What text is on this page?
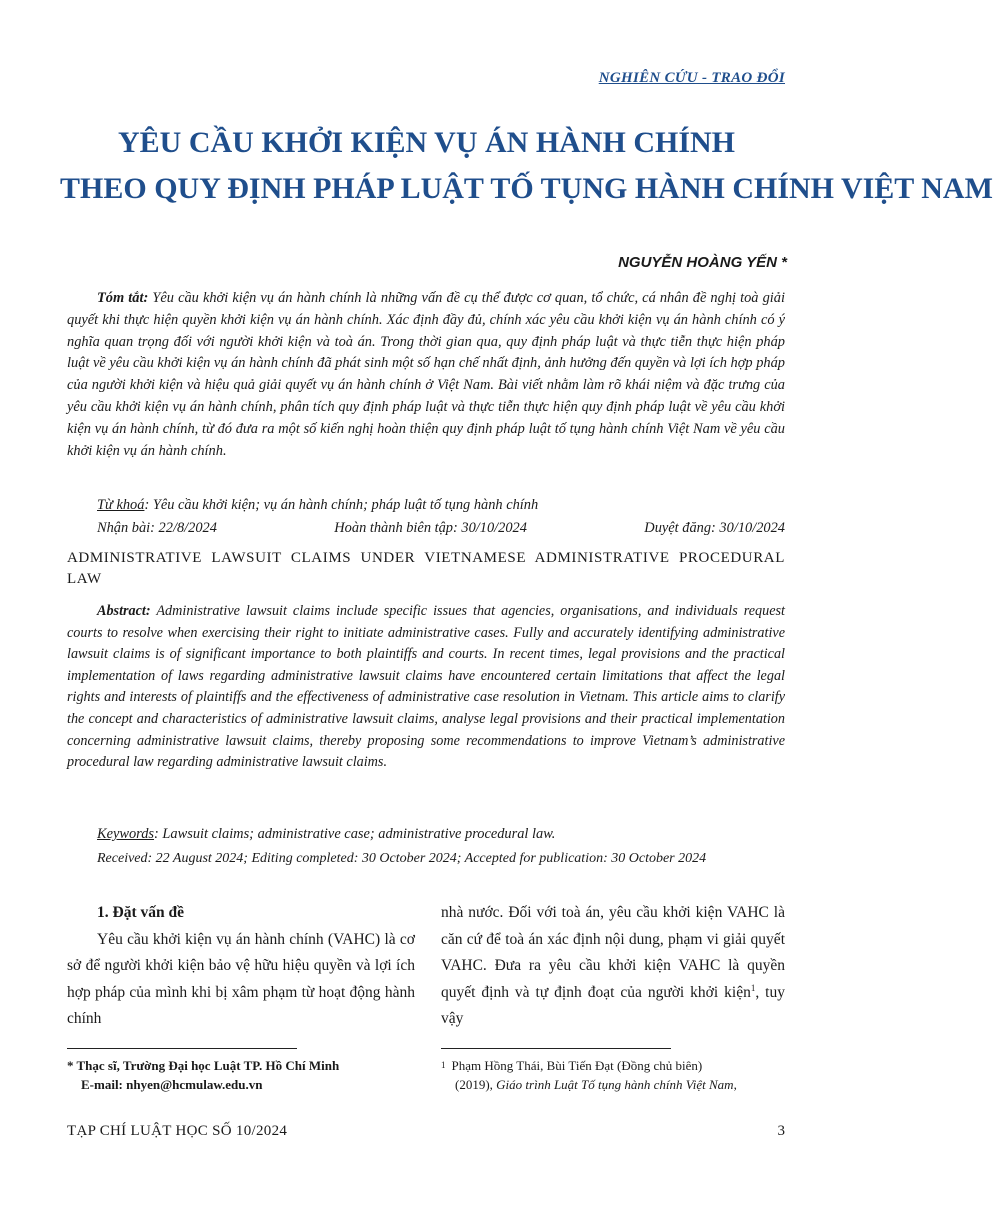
NGHIÊN CỨU - TRAO ĐỔI
YÊU CẦU KHỞI KIỆN VỤ ÁN HÀNH CHÍNH
THEO QUY ĐỊNH PHÁP LUẬT TỐ TỤNG HÀNH CHÍNH VIỆT NAM
NGUYỄN HOÀNG YẾN *
Tóm tắt: Yêu cầu khởi kiện vụ án hành chính là những vấn đề cụ thể được cơ quan, tổ chức, cá nhân đề nghị toà giải quyết khi thực hiện quyền khởi kiện vụ án hành chính. Xác định đầy đủ, chính xác yêu cầu khởi kiện vụ án hành chính có ý nghĩa quan trọng đối với người khởi kiện và toà án. Trong thời gian qua, quy định pháp luật và thực tiễn thực hiện pháp luật về yêu cầu khởi kiện vụ án hành chính đã phát sinh một số hạn chế nhất định, ảnh hưởng đến quyền và lợi ích hợp pháp của người khởi kiện và hiệu quả giải quyết vụ án hành chính ở Việt Nam. Bài viết nhằm làm rõ khái niệm và đặc trưng của yêu cầu khởi kiện vụ án hành chính, phân tích quy định pháp luật và thực tiễn thực hiện quy định pháp luật về yêu cầu khởi kiện vụ án hành chính, từ đó đưa ra một số kiến nghị hoàn thiện quy định pháp luật tố tụng hành chính Việt Nam về yêu cầu khởi kiện vụ án hành chính.
Từ khoá: Yêu cầu khởi kiện; vụ án hành chính; pháp luật tố tụng hành chính
Nhận bài: 22/8/2024	Hoàn thành biên tập: 30/10/2024	Duyệt đăng: 30/10/2024
ADMINISTRATIVE LAWSUIT CLAIMS UNDER VIETNAMESE ADMINISTRATIVE PROCEDURAL LAW
Abstract: Administrative lawsuit claims include specific issues that agencies, organisations, and individuals request courts to resolve when exercising their right to initiate administrative cases. Fully and accurately identifying administrative lawsuit claims is of significant importance to both plaintiffs and courts. In recent times, legal provisions and the practical implementation of laws regarding administrative lawsuit claims have encountered certain limitations that affect the legal rights and interests of plaintiffs and the effectiveness of administrative case resolution in Vietnam. This article aims to clarify the concept and characteristics of administrative lawsuit claims, analyse legal provisions and their practical implementation concerning administrative lawsuit claims, thereby proposing some recommendations to improve Vietnam’s administrative procedural law regarding administrative lawsuit claims.
Keywords: Lawsuit claims; administrative case; administrative procedural law.
Received: 22 August 2024; Editing completed: 30 October 2024; Accepted for publication: 30 October 2024
1. Đặt vấn đề

Yêu cầu khởi kiện vụ án hành chính (VAHC) là cơ sở để người khởi kiện bảo vệ hữu hiệu quyền và lợi ích hợp pháp của mình khi bị xâm phạm từ hoạt động hành chính

nhà nước. Đối với toà án, yêu cầu khởi kiện VAHC là căn cứ để toà án xác định nội dung, phạm vi giải quyết VAHC. Đưa ra yêu cầu khởi kiện VAHC là quyền quyết định và tự định đoạt của người khởi kiện$^1$, tuy vậy

* Thạc sĩ, Trường Đại học Luật TP. Hồ Chí Minh
E-mail: nhyen@hcmulaw.edu.vn
$^1$ Phạm Hồng Thái, Bùi Tiến Đạt (Đồng chủ biên)
(2019), Giáo trình Luật Tố tụng hành chính Việt Nam,
TẠP CHÍ LUẬT HỌC SỐ 10/2024	3
